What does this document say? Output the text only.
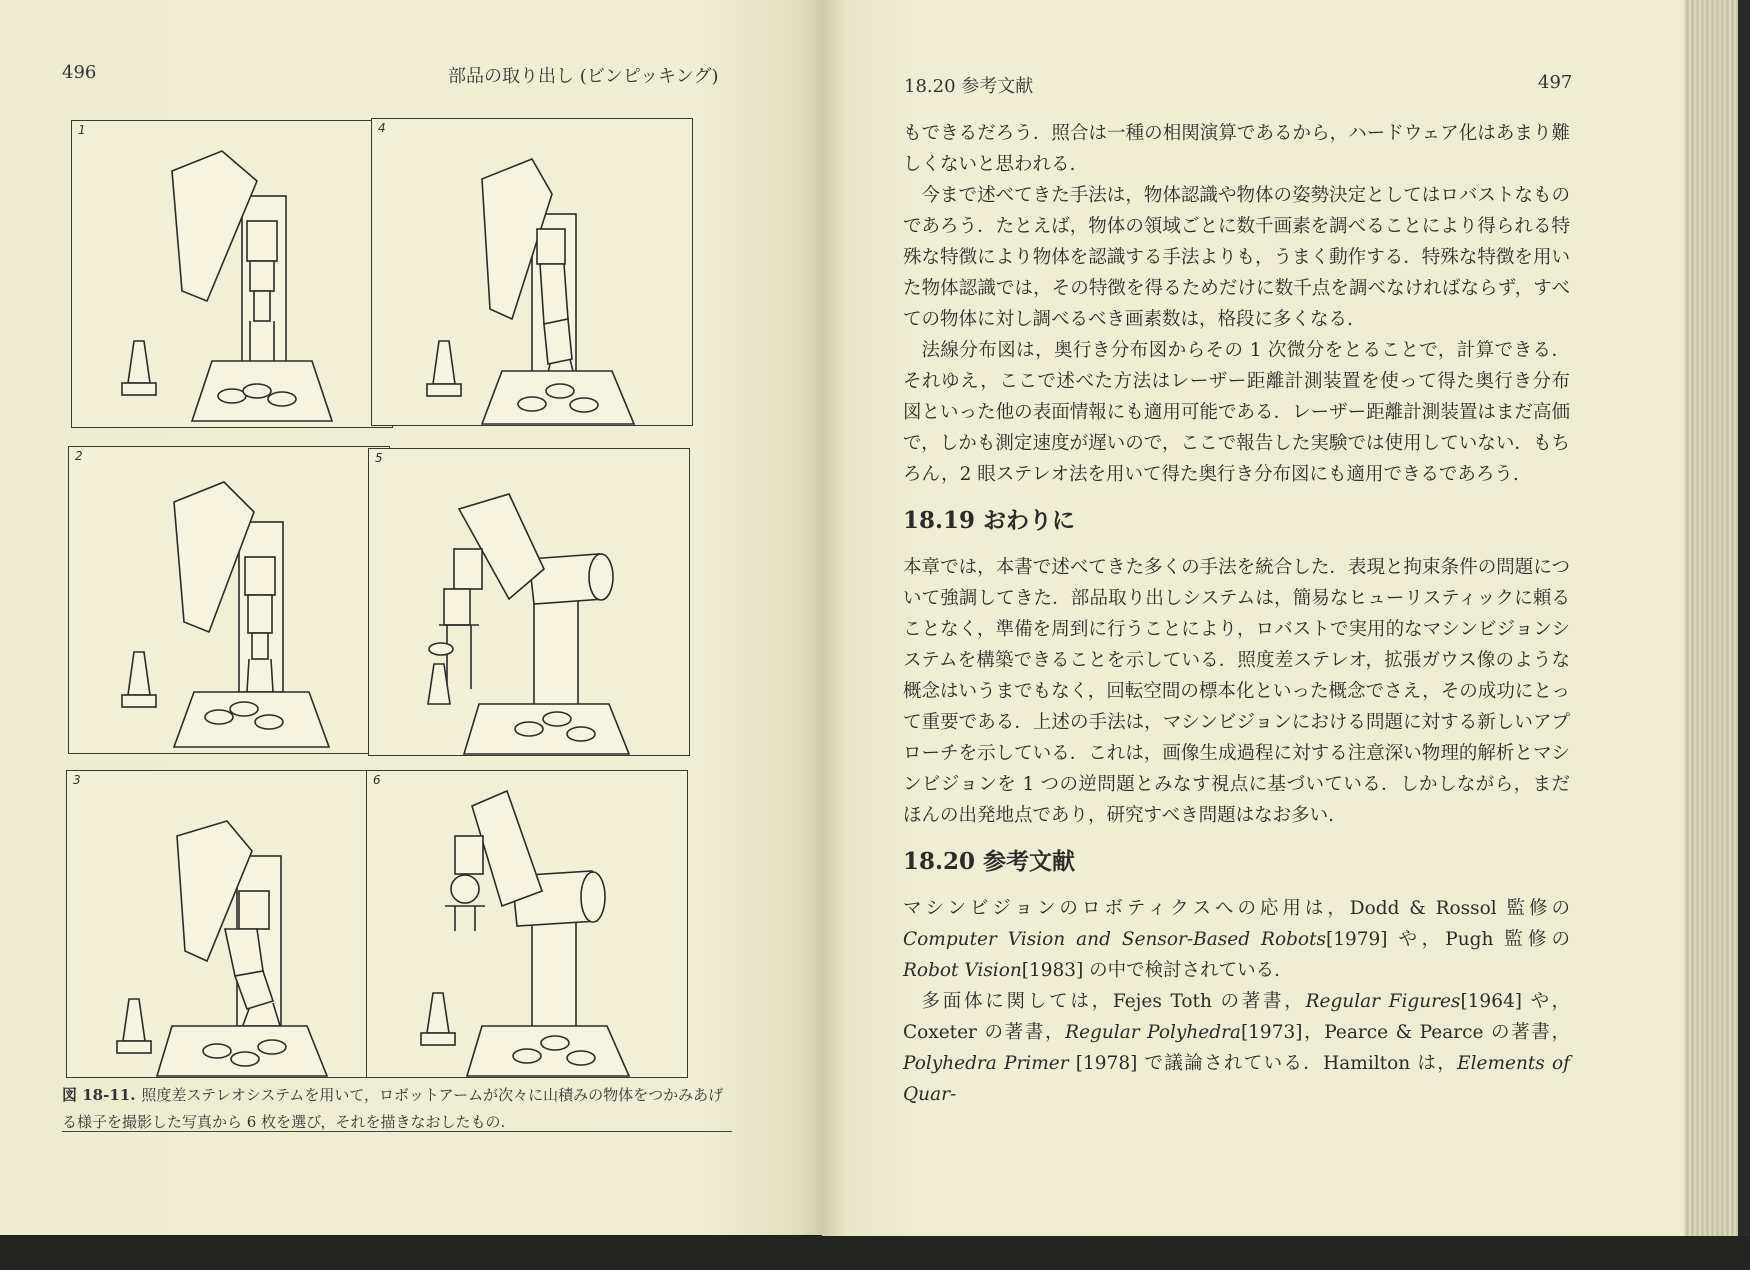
496	部品の取り出し (ビンピッキング)
1	4
2	5
3	6
図 18-11. 照度差ステレオシステムを用いて，ロボットアームが次々に山積みの物体をつかみあげる様子を撮影した写真から 6 枚を選び，それを描きなおしたもの.
18.20 参考文献	497

もできるだろう．照合は一種の相関演算であるから，ハードウェア化はあまり難しくないと思われる.

今まで述べてきた手法は，物体認識や物体の姿勢決定としてはロバストなものであろう．たとえば，物体の領域ごとに数千画素を調べることにより得られる特殊な特徴により物体を認識する手法よりも，うまく動作する．特殊な特徴を用いた物体認識では，その特徴を得るためだけに数千点を調べなければならず，すべての物体に対し調べるべき画素数は，格段に多くなる.

法線分布図は，奥行き分布図からその 1 次微分をとることで，計算できる．それゆえ，ここで述べた方法はレーザー距離計測装置を使って得た奥行き分布図といった他の表面情報にも適用可能である．レーザー距離計測装置はまだ高価で，しかも測定速度が遅いので，ここで報告した実験では使用していない．もちろん，2 眼ステレオ法を用いて得た奥行き分布図にも適用できるであろう.

18.19 おわりに

本章では，本書で述べてきた多くの手法を統合した．表現と拘束条件の問題について強調してきた．部品取り出しシステムは，簡易なヒューリスティックに頼ることなく，準備を周到に行うことにより，ロバストで実用的なマシンビジョンシステムを構築できることを示している．照度差ステレオ，拡張ガウス像のような概念はいうまでもなく，回転空間の標本化といった概念でさえ，その成功にとって重要である．上述の手法は，マシンビジョンにおける問題に対する新しいアプローチを示している．これは，画像生成過程に対する注意深い物理的解析とマシンビジョンを 1 つの逆問題とみなす視点に基づいている．しかしながら，まだほんの出発地点であり，研究すべき問題はなお多い.

18.20 参考文献

マシンビジョンのロボティクスへの応用は，Dodd & Rossol 監修の Computer Vision and Sensor-Based Robots[1979] や，Pugh 監修の Robot Vision[1983] の中で検討されている.

多面体に関しては，Fejes Toth の著書，Regular Figures[1964] や，Coxeter の著書，Regular Polyhedra[1973]，Pearce & Pearce の著書，Polyhedra Primer [1978] で議論されている．Hamilton は，Elements of Quar-
